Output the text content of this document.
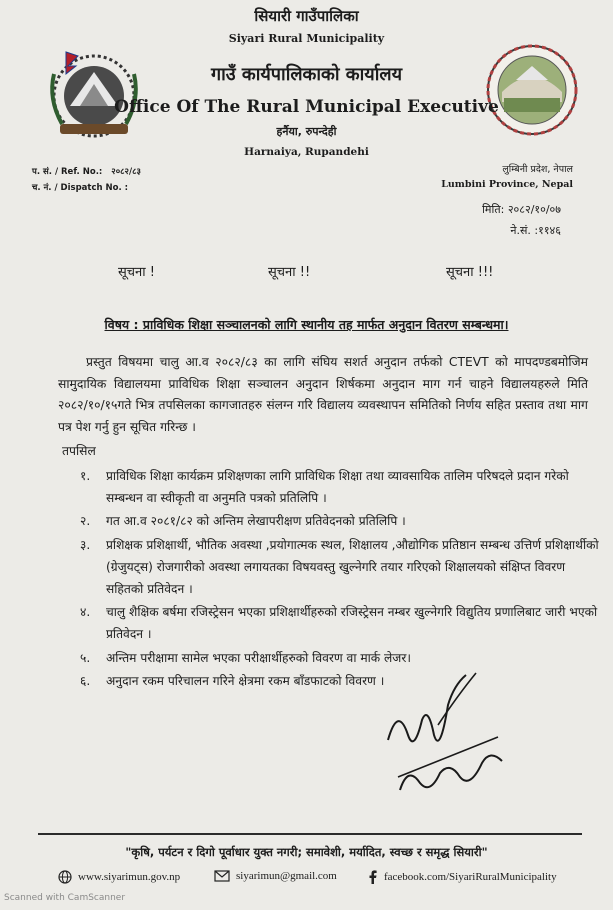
सियारी गाउँपालिका
Siyari Rural Municipality
गाउँ कार्यपालिकाको कार्यालय
Office Of The Rural Municipal Executive
हर्नैया, रुपन्देही
Harnaiya, Rupandehi
प. सं. / Ref. No.: २०८२/८३
च. नं. / Dispatch No. :
लुम्बिनी प्रदेश, नेपाल
Lumbini Province, Nepal
मिति: २०८२/१०/०७
ने.सं. :११४६
सूचना !	सूचना !!	सूचना !!!
विषय : प्राविधिक शिक्षा सञ्चालनको लागि स्थानीय तह मार्फत अनुदान वितरण सम्बन्धमा।
प्रस्तुत विषयमा चालु आ.व २०८२/८३ का लागि संघिय सशर्त अनुदान तर्फको CTEVT को मापदण्डबमोजिम सामुदायिक विद्यालयमा प्राविधिक शिक्षा सञ्चालन अनुदान शिर्षकमा अनुदान माग गर्न चाहने विद्यालयहरुले मिति २०८२/१०/१५गते भित्र तपसिलका कागजातहरु संलग्न गरि विद्यालय व्यवस्थापन समितिको निर्णय सहित प्रस्ताव तथा माग पत्र पेश गर्नु हुन सूचित गरिन्छ ।
तपसिल
१.	प्राविधिक शिक्षा कार्यक्रम प्रशिक्षणका लागि प्राविधिक शिक्षा तथा व्यावसायिक तालिम परिषदले प्रदान गरेको सम्बन्धन वा स्वीकृती वा अनुमति पत्रको प्रतिलिपि ।
२.	गत आ.व २०८१/८२ को अन्तिम लेखापरीक्षण प्रतिवेदनको प्रतिलिपि ।
३.	प्रशिक्षक प्रशिक्षार्थी, भौतिक अवस्था ,प्रयोगात्मक स्थल, शिक्षालय ,औद्योगिक प्रतिष्ठान सम्बन्ध उत्तिर्ण प्रशिक्षार्थीको (ग्रेजुयट्स) रोजगारीको अवस्था लगायतका विषयवस्तु खुल्नेगरि तयार गरिएको शिक्षालयको संक्षिप्त विवरण सहितको प्रतिवेदन ।
४.	चालु शैक्षिक बर्षमा रजिस्ट्रेसन भएका प्रशिक्षार्थीहरुको रजिस्ट्रेसन नम्बर खुल्नेगरि विद्युतिय प्रणालिबाट जारी भएको प्रतिवेदन ।
५.	अन्तिम परीक्षामा सामेल भएका परीक्षार्थीहरुको विवरण वा मार्क लेजर।
६.	अनुदान रकम परिचालन गरिने क्षेत्रमा रकम बाँडफाटको विवरण ।
"कृषि, पर्यटन र दिगो पूर्वाधार युक्त नगरी; समावेशी, मर्यादित, स्वच्छ र समृद्ध सियारी"
www.siyarimun.gov.np	siyarimun@gmail.com	facebook.com/SiyariRuralMunicipality
Scanned with CamScanner
